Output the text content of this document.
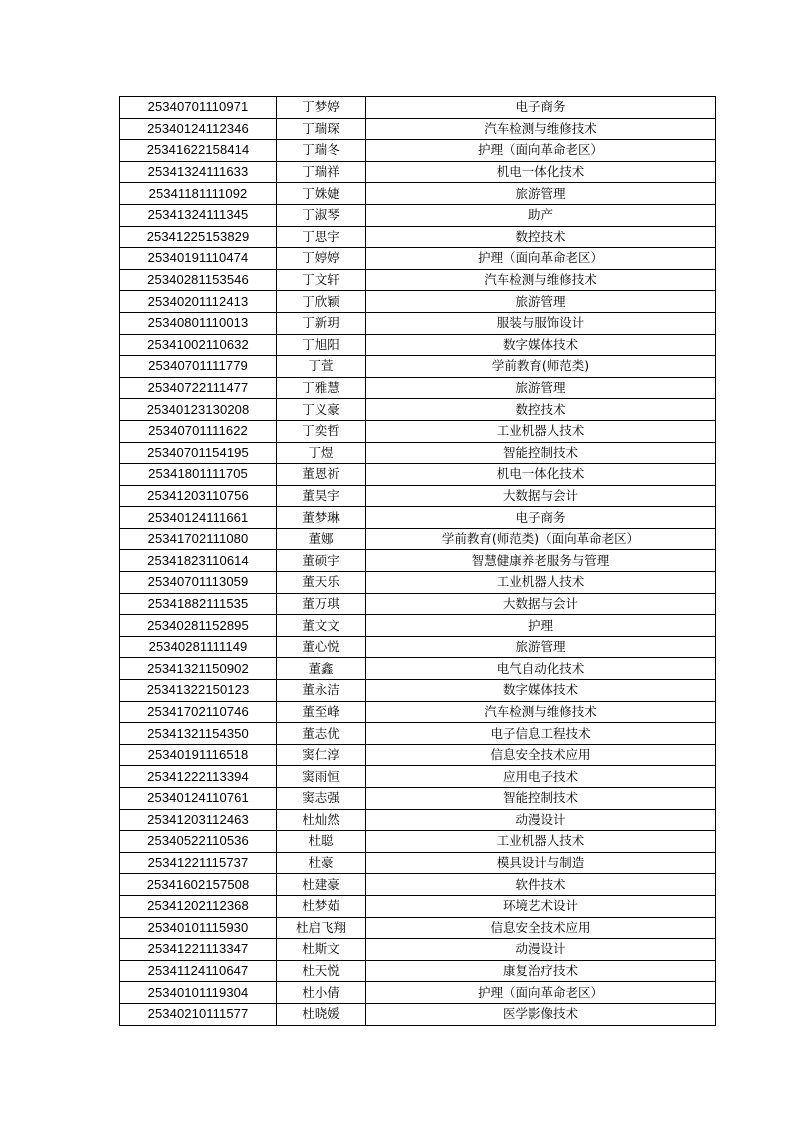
25340701110971	丁梦婷	电子商务
25340124112346	丁瑞琛	汽车检测与维修技术
25341622158414	丁瑞冬	护理（面向革命老区）
25341324111633	丁瑞祥	机电一体化技术
25341181111092	丁姝婕	旅游管理
25341324111345	丁淑琴	助产
25341225153829	丁思宇	数控技术
25340191110474	丁婷婷	护理（面向革命老区）
25340281153546	丁文轩	汽车检测与维修技术
25340201112413	丁欣颖	旅游管理
25340801110013	丁新玥	服装与服饰设计
25341002110632	丁旭阳	数字媒体技术
25340701111779	丁萱	学前教育(师范类)
25340722111477	丁雅慧	旅游管理
25340123130208	丁义豪	数控技术
25340701111622	丁奕哲	工业机器人技术
25340701154195	丁煜	智能控制技术
25341801111705	董恩祈	机电一体化技术
25341203110756	董昊宇	大数据与会计
25340124111661	董梦琳	电子商务
25341702111080	董娜	学前教育(师范类)（面向革命老区）
25341823110614	董硕宇	智慧健康养老服务与管理
25340701113059	董天乐	工业机器人技术
25341882111535	董万琪	大数据与会计
25340281152895	董文文	护理
25340281111149	董心悦	旅游管理
25341321150902	董鑫	电气自动化技术
25341322150123	董永洁	数字媒体技术
25341702110746	董至峰	汽车检测与维修技术
25341321154350	董志优	电子信息工程技术
25340191116518	窦仁淳	信息安全技术应用
25341222113394	窦雨恒	应用电子技术
25340124110761	窦志强	智能控制技术
25341203112463	杜灿然	动漫设计
25340522110536	杜聪	工业机器人技术
25341221115737	杜豪	模具设计与制造
25341602157508	杜建豪	软件技术
25341202112368	杜梦茹	环境艺术设计
25340101115930	杜启飞翔	信息安全技术应用
25341221113347	杜斯文	动漫设计
25341124110647	杜天悦	康复治疗技术
25340101119304	杜小倩	护理（面向革命老区）
25340210111577	杜晓媛	医学影像技术
